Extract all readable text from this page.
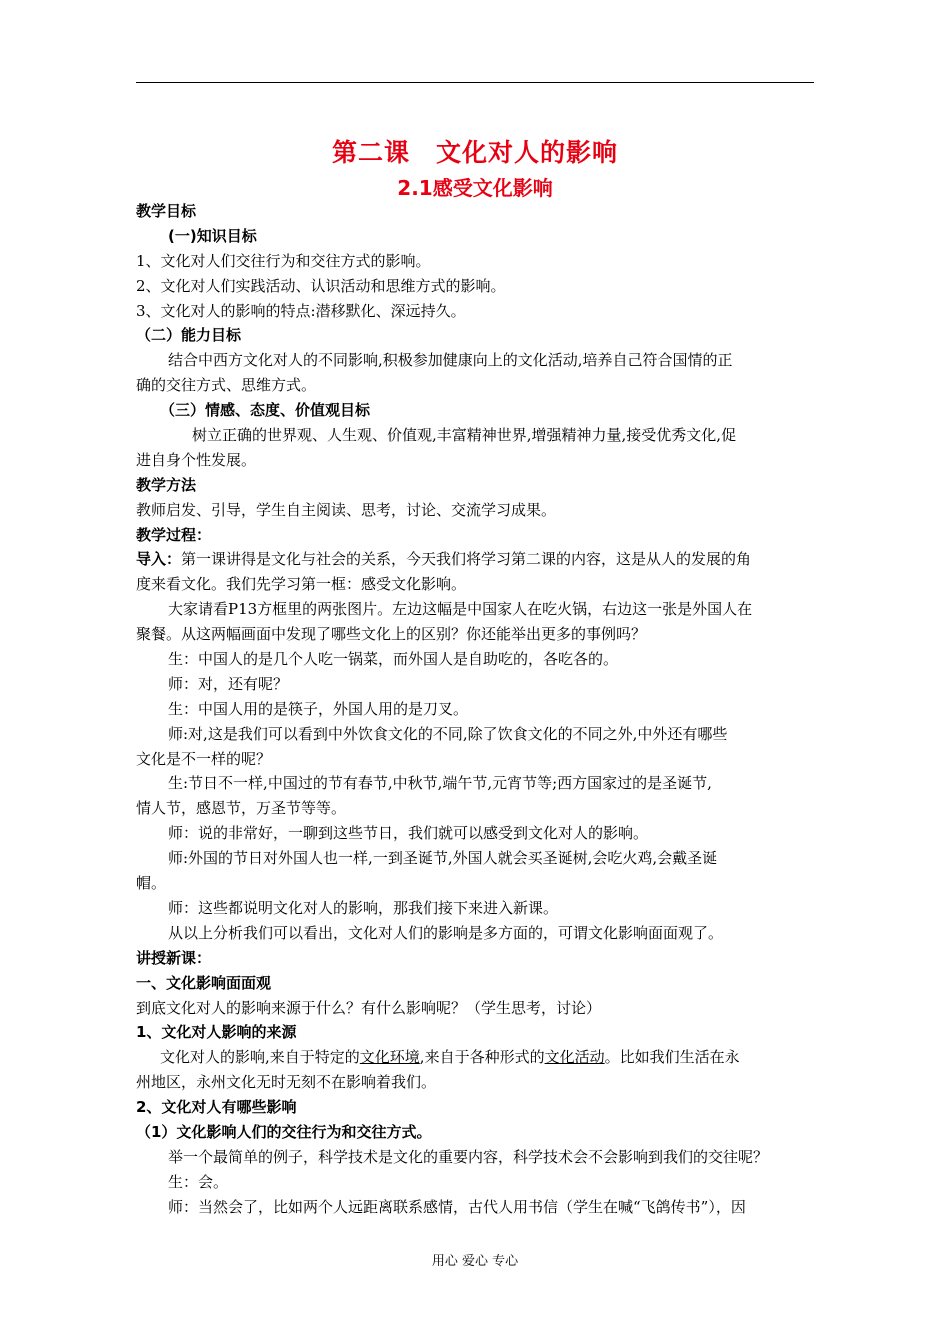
第二课 文化对人的影响
2.1感受文化影响
教学目标
(一)知识目标
1、文化对人们交往行为和交往方式的影响。
2、文化对人们实践活动、认识活动和思维方式的影响。
3、文化对人的影响的特点:潜移默化、深远持久。
（二）能力目标
结合中西方文化对人的不同影响,积极参加健康向上的文化活动,培养自己符合国情的正
确的交往方式、思维方式。
（三）情感、态度、价值观目标
树立正确的世界观、人生观、价值观,丰富精神世界,增强精神力量,接受优秀文化,促
进自身个性发展。
教学方法
教师启发、引导，学生自主阅读、思考，讨论、交流学习成果。
教学过程：
导入：第一课讲得是文化与社会的关系，今天我们将学习第二课的内容，这是从人的发展的角
度来看文化。我们先学习第一框：感受文化影响。
大家请看P13方框里的两张图片。左边这幅是中国家人在吃火锅，右边这一张是外国人在
聚餐。从这两幅画面中发现了哪些文化上的区别？你还能举出更多的事例吗？
生：中国人的是几个人吃一锅菜，而外国人是自助吃的，各吃各的。
师：对，还有呢？
生：中国人用的是筷子，外国人用的是刀叉。
师:对,这是我们可以看到中外饮食文化的不同,除了饮食文化的不同之外,中外还有哪些
文化是不一样的呢？
生:节日不一样,中国过的节有春节,中秋节,端午节,元宵节等;西方国家过的是圣诞节,
情人节，感恩节，万圣节等等。
师：说的非常好，一聊到这些节日，我们就可以感受到文化对人的影响。
师:外国的节日对外国人也一样,一到圣诞节,外国人就会买圣诞树,会吃火鸡,会戴圣诞
帽。
师：这些都说明文化对人的影响，那我们接下来进入新课。
从以上分析我们可以看出，文化对人们的影响是多方面的，可谓文化影响面面观了。
讲授新课：
一、文化影响面面观
到底文化对人的影响来源于什么？有什么影响呢？（学生思考，讨论）
1、文化对人影响的来源
文化对人的影响,来自于特定的文化环境,来自于各种形式的文化活动。比如我们生活在永
州地区，永州文化无时无刻不在影响着我们。
2、文化对人有哪些影响
（1）文化影响人们的交往行为和交往方式。
举一个最简单的例子，科学技术是文化的重要内容，科学技术会不会影响到我们的交往呢？
生：会。
师：当然会了，比如两个人远距离联系感情，古代人用书信（学生在喊“飞鸽传书”），因
用心 爱心 专心
